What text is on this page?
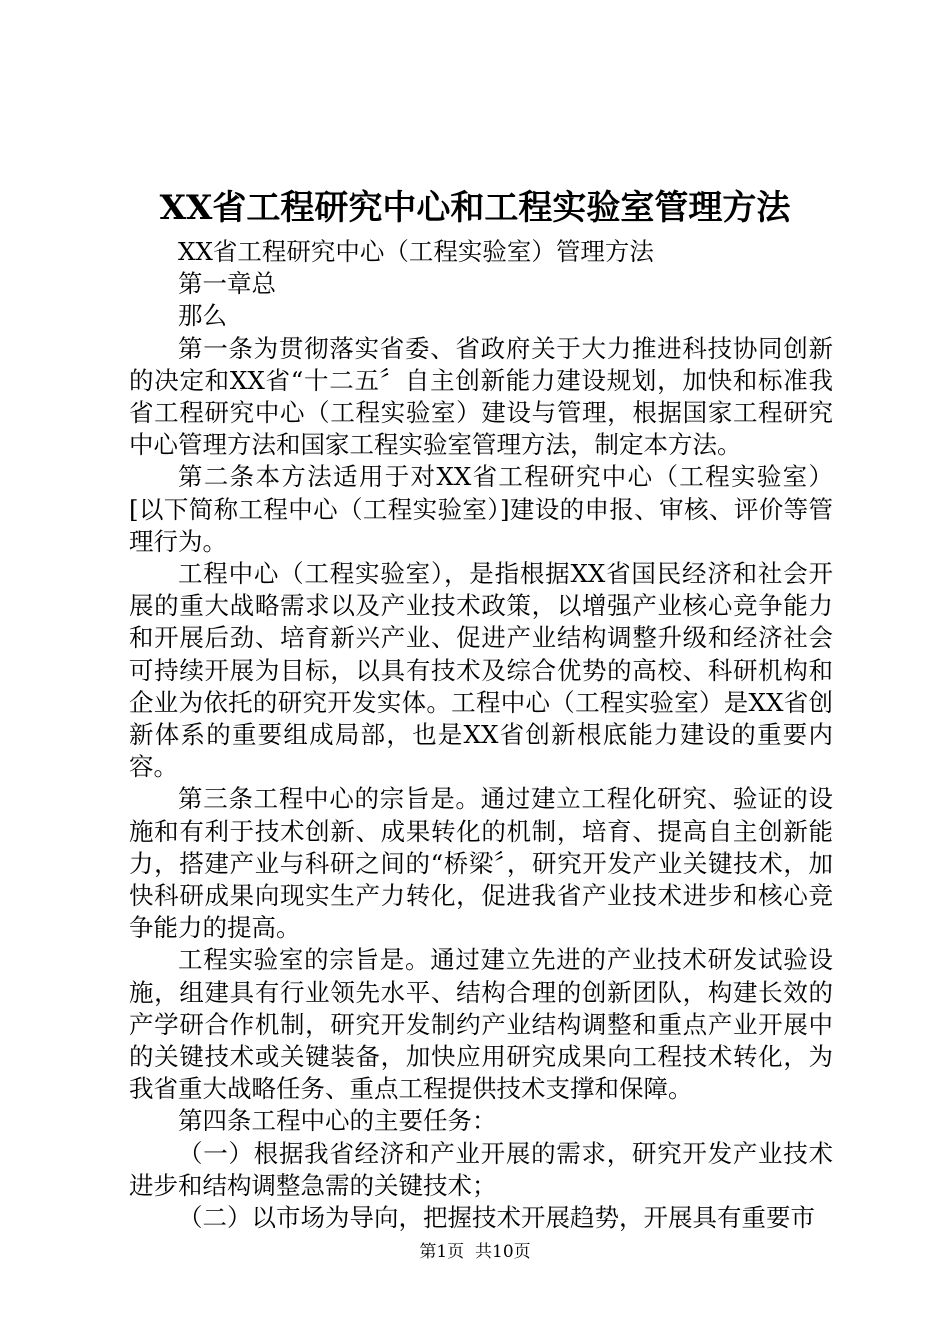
XX省工程研究中心和工程实验室管理方法

XX省工程研究中心（工程实验室）管理方法

第一章总

那么

第一条为贯彻落实省委、省政府关于大力推进科技协同创新的决定和XX省“十二五〞自主创新能力建设规划，加快和标准我省工程研究中心（工程实验室）建设与管理，根据国家工程研究中心管理方法和国家工程实验室管理方法，制定本方法。

第二条本方法适用于对XX省工程研究中心（工程实验室）[以下简称工程中心（工程实验室）]建设的申报、审核、评价等管理行为。

工程中心（工程实验室），是指根据XX省国民经济和社会开展的重大战略需求以及产业技术政策，以增强产业核心竞争能力和开展后劲、培育新兴产业、促进产业结构调整升级和经济社会可持续开展为目标，以具有技术及综合优势的高校、科研机构和企业为依托的研究开发实体。工程中心（工程实验室）是XX省创新体系的重要组成局部，也是XX省创新根底能力建设的重要内容。

第三条工程中心的宗旨是。通过建立工程化研究、验证的设施和有利于技术创新、成果转化的机制，培育、提高自主创新能力，搭建产业与科研之间的“桥梁〞，研究开发产业关键技术，加快科研成果向现实生产力转化，促进我省产业技术进步和核心竞争能力的提高。

工程实验室的宗旨是。通过建立先进的产业技术研发试验设施，组建具有行业领先水平、结构合理的创新团队，构建长效的产学研合作机制，研究开发制约产业结构调整和重点产业开展中的关键技术或关键装备，加快应用研究成果向工程技术转化，为我省重大战略任务、重点工程提供技术支撑和保障。

第四条工程中心的主要任务：

（一）根据我省经济和产业开展的需求，研究开发产业技术进步和结构调整急需的关键技术；

（二）以市场为导向，把握技术开展趋势，开展具有重要市

第1页 共10页
